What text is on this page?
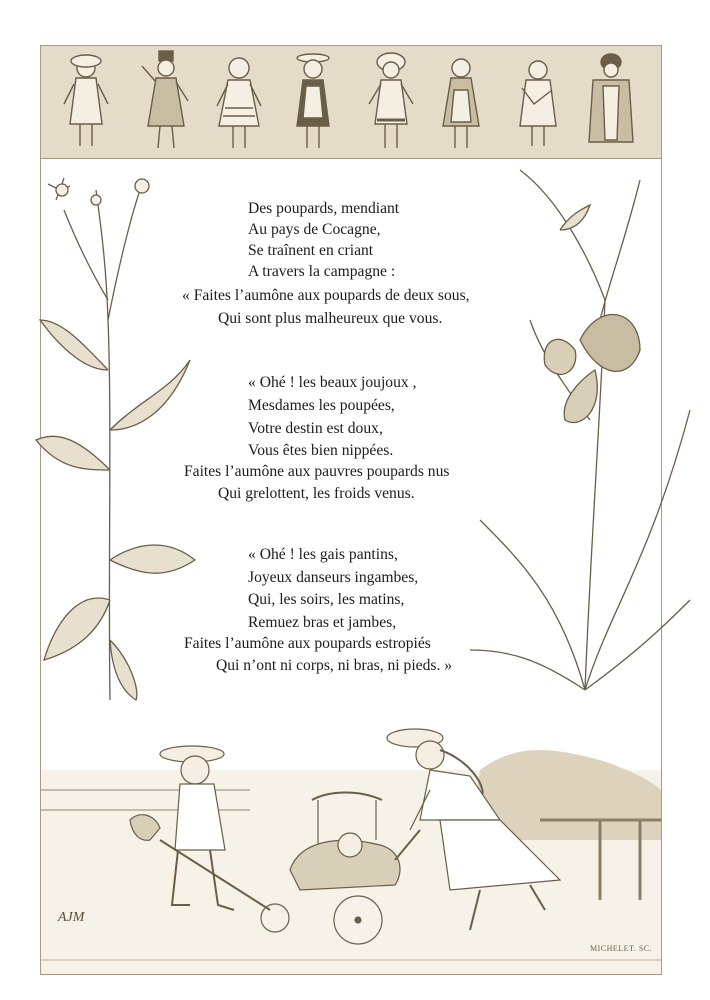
Des poupards, mendiant
Au pays de Cocagne,
Se traînent en criant
A travers la campagne :
« Faites l’aumône aux poupards de deux sous,
Qui sont plus malheureux que vous.
« Ohé ! les beaux joujoux ,
Mesdames les poupées,
Votre destin est doux,
Vous êtes bien nippées.
Faites l’aumône aux pauvres poupards nus
Qui grelottent, les froids venus.
« Ohé ! les gais pantins,
Joyeux danseurs ingambes,
Qui, les soirs, les matins,
Remuez bras et jambes,
Faites l’aumône aux poupards estropiés
Qui n’ont ni corps, ni bras, ni pieds. »
AJM
MICHELET. SC.
